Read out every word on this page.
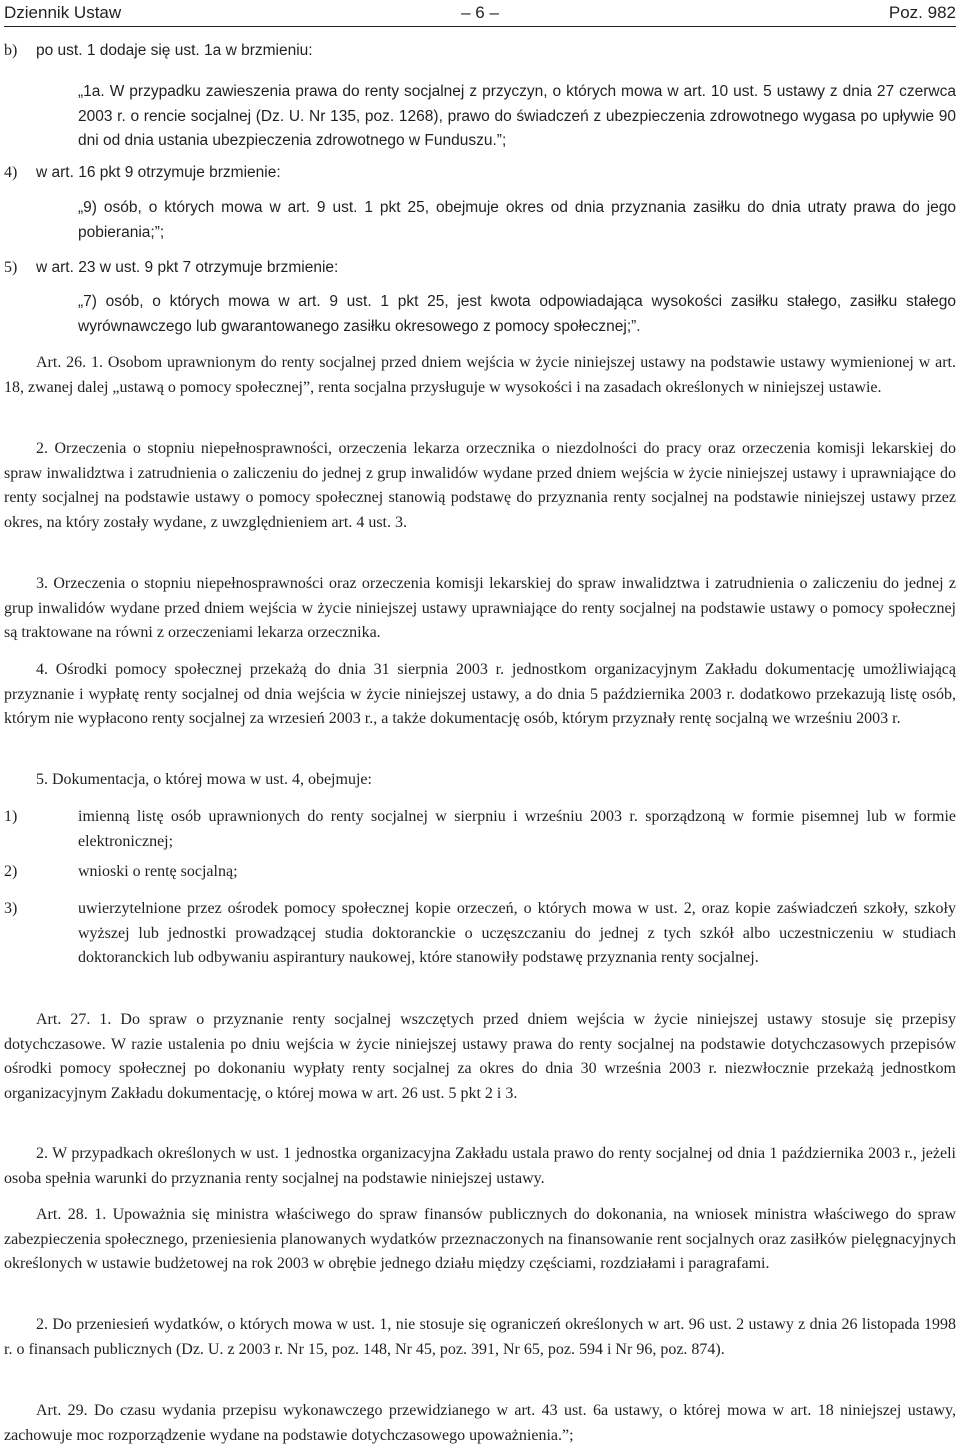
Dziennik Ustaw	– 6 –	Poz. 982

b) po ust. 1 dodaje się ust. 1a w brzmieniu:

„1a. W przypadku zawieszenia prawa do renty socjalnej z przyczyn, o których mowa w art. 10 ust. 5 ustawy z dnia 27 czerwca 2003 r. o rencie socjalnej (Dz. U. Nr 135, poz. 1268), prawo do świadczeń z ubezpieczenia zdrowotnego wygasa po upływie 90 dni od dnia ustania ubezpieczenia zdrowotnego w Funduszu.”;

4) w art. 16 pkt 9 otrzymuje brzmienie:

„9) osób, o których mowa w art. 9 ust. 1 pkt 25, obejmuje okres od dnia przyznania zasiłku do dnia utraty prawa do jego pobierania;”;

5) w art. 23 w ust. 9 pkt 7 otrzymuje brzmienie:

„7) osób, o których mowa w art. 9 ust. 1 pkt 25, jest kwota odpowiadająca wysokości zasiłku stałego, zasiłku stałego wyrównawczego lub gwarantowanego zasiłku okresowego z pomocy społecznej;”.

Art. 26. 1. Osobom uprawnionym do renty socjalnej przed dniem wejścia w życie niniejszej ustawy na podstawie ustawy wymienionej w art. 18, zwanej dalej „ustawą o pomocy społecznej”, renta socjalna przysługuje w wysokości i na zasadach określonych w niniejszej ustawie.

2. Orzeczenia o stopniu niepełnosprawności, orzeczenia lekarza orzecznika o niezdolności do pracy oraz orzeczenia komisji lekarskiej do spraw inwalidztwa i zatrudnienia o zaliczeniu do jednej z grup inwalidów wydane przed dniem wejścia w życie niniejszej ustawy i uprawniające do renty socjalnej na podstawie ustawy o pomocy społecznej stanowią podstawę do przyznania renty socjalnej na podstawie niniejszej ustawy przez okres, na który zostały wydane, z uwzględnieniem art. 4 ust. 3.

3. Orzeczenia o stopniu niepełnosprawności oraz orzeczenia komisji lekarskiej do spraw inwalidztwa i zatrudnienia o zaliczeniu do jednej z grup inwalidów wydane przed dniem wejścia w życie niniejszej ustawy uprawniające do renty socjalnej na podstawie ustawy o pomocy społecznej są traktowane na równi z orzeczeniami lekarza orzecznika.

4. Ośrodki pomocy społecznej przekażą do dnia 31 sierpnia 2003 r. jednostkom organizacyjnym Zakładu dokumentację umożliwiającą przyznanie i wypłatę renty socjalnej od dnia wejścia w życie niniejszej ustawy, a do dnia 5 października 2003 r. dodatkowo przekazują listę osób, którym nie wypłacono renty socjalnej za wrzesień 2003 r., a także dokumentację osób, którym przyznały rentę socjalną we wrześniu 2003 r.

5. Dokumentacja, o której mowa w ust. 4, obejmuje:

1)	imienną listę osób uprawnionych do renty socjalnej w sierpniu i wrześniu 2003 r. sporządzoną w formie pisemnej lub w formie elektronicznej;

2)	wnioski o rentę socjalną;

3)	uwierzytelnione przez ośrodek pomocy społecznej kopie orzeczeń, o których mowa w ust. 2, oraz kopie zaświadczeń szkoły, szkoły wyższej lub jednostki prowadzącej studia doktoranckie o uczęszczaniu do jednej z tych szkół albo uczestniczeniu w studiach doktoranckich lub odbywaniu aspirantury naukowej, które stanowiły podstawę przyznania renty socjalnej.

Art. 27. 1. Do spraw o przyznanie renty socjalnej wszczętych przed dniem wejścia w życie niniejszej ustawy stosuje się przepisy dotychczasowe. W razie ustalenia po dniu wejścia w życie niniejszej ustawy prawa do renty socjalnej na podstawie dotychczasowych przepisów ośrodki pomocy społecznej po dokonaniu wypłaty renty socjalnej za okres do dnia 30 września 2003 r. niezwłocznie przekażą jednostkom organizacyjnym Zakładu dokumentację, o której mowa w art. 26 ust. 5 pkt 2 i 3.

2. W przypadkach określonych w ust. 1 jednostka organizacyjna Zakładu ustala prawo do renty socjalnej od dnia 1 października 2003 r., jeżeli osoba spełnia warunki do przyznania renty socjalnej na podstawie niniejszej ustawy.

Art. 28. 1. Upoważnia się ministra właściwego do spraw finansów publicznych do dokonania, na wniosek ministra właściwego do spraw zabezpieczenia społecznego, przeniesienia planowanych wydatków przeznaczonych na finansowanie rent socjalnych oraz zasiłków pielęgnacyjnych określonych w ustawie budżetowej na rok 2003 w obrębie jednego działu między częściami, rozdziałami i paragrafami.

2. Do przeniesień wydatków, o których mowa w ust. 1, nie stosuje się ograniczeń określonych w art. 96 ust. 2 ustawy z dnia 26 listopada 1998 r. o finansach publicznych (Dz. U. z 2003 r. Nr 15, poz. 148, Nr 45, poz. 391, Nr 65, poz. 594 i Nr 96, poz. 874).

Art. 29. Do czasu wydania przepisu wykonawczego przewidzianego w art. 43 ust. 6a ustawy, o której mowa w art. 18 niniejszej ustawy, zachowuje moc rozporządzenie wydane na podstawie dotychczasowego upoważnienia.”;
